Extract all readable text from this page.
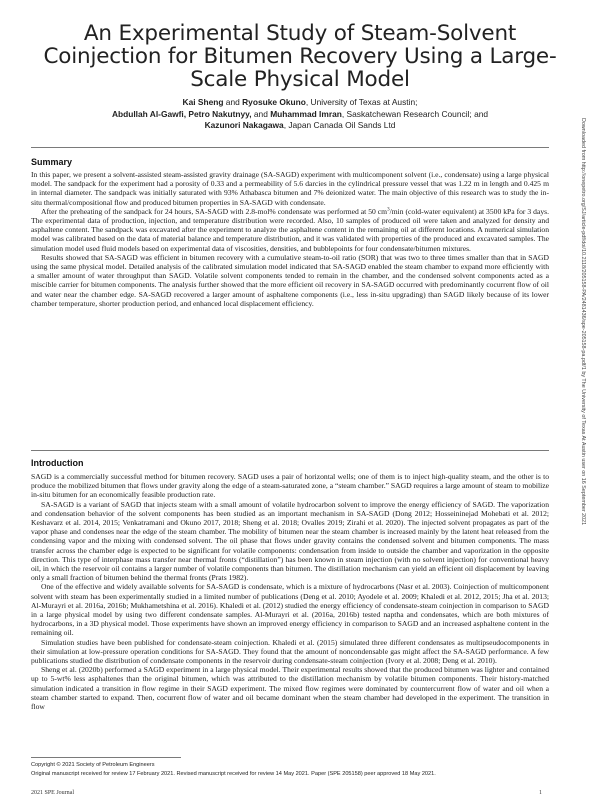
An Experimental Study of Steam-Solvent Coinjection for Bitumen Recovery Using a Large-Scale Physical Model
Kai Sheng and Ryosuke Okuno, University of Texas at Austin;
Abdullah Al-Gawfi, Petro Nakutnyy, and Muhammad Imran, Saskatchewan Research Council; and
Kazunori Nakagawa, Japan Canada Oil Sands Ltd	Downloaded from http://onepetro.org/SJ/article-pdf/doi/10.2118/205158-PA/2481436/spe-205158-pa.pdf/1 by The University of Texas At Austin user on 16 September 2021
Summary

In this paper, we present a solvent-assisted steam-assisted gravity drainage (SA-SAGD) experiment with multicomponent solvent (i.e., condensate) using a large physical model. The sandpack for the experiment had a porosity of 0.33 and a permeability of 5.6 darcies in the cylindrical pressure vessel that was 1.22 m in length and 0.425 m in internal diameter. The sandpack was initially saturated with 93% Athabasca bitumen and 7% deionized water. The main objective of this research was to study the in-situ thermal/compositional flow and produced bitumen properties in SA-SAGD with condensate.

After the preheating of the sandpack for 24 hours, SA-SAGD with 2.8-mol% condensate was performed at 50 $cm^3/\min$ (cold-water equivalent) at 3500 kPa for 3 days. The experimental data of production, injection, and temperature distribution were recorded. Also, 10 samples of produced oil were taken and analyzed for density and asphaltene content. The sandpack was excavated after the experiment to analyze the asphaltene content in the remaining oil at different locations. A numerical simulation model was calibrated based on the data of material balance and temperature distribution, and it was validated with properties of the produced and excavated samples. The simulation model used fluid models based on experimental data of viscosities, densities, and bubblepoints for four condensate/bitumen mixtures.

Results showed that SA-SAGD was efficient in bitumen recovery with a cumulative steam-to-oil ratio (SOR) that was two to three times smaller than that in SAGD using the same physical model. Detailed analysis of the calibrated simulation model indicated that SA-SAGD enabled the steam chamber to expand more efficiently with a smaller amount of water throughput than SAGD. Volatile solvent components tended to remain in the chamber, and the condensed solvent components acted as a miscible carrier for bitumen components. The analysis further showed that the more efficient oil recovery in SA-SAGD occurred with predominantly cocurrent flow of oil and water near the chamber edge. SA-SAGD recovered a larger amount of asphaltene components (i.e., less in-situ upgrading) than SAGD likely because of its lower chamber temperature, shorter production period, and enhanced local displacement efficiency.

Introduction

SAGD is a commercially successful method for bitumen recovery. SAGD uses a pair of horizontal wells; one of them is to inject high-quality steam, and the other is to produce the mobilized bitumen that flows under gravity along the edge of a steam-saturated zone, a “steam chamber.” SAGD requires a large amount of steam to mobilize in-situ bitumen for an economically feasible production rate.

SA-SAGD is a variant of SAGD that injects steam with a small amount of volatile hydrocarbon solvent to improve the energy efficiency of SAGD. The vaporization and condensation behavior of the solvent components has been studied as an important mechanism in SA-SAGD (Dong 2012; Hosseininejad Mohebati et al. 2012; Keshavarz et al. 2014, 2015; Venkatramani and Okuno 2017, 2018; Sheng et al. 2018; Ovalles 2019; Zirahi et al. 2020). The injected solvent propagates as part of the vapor phase and condenses near the edge of the steam chamber. The mobility of bitumen near the steam chamber is increased mainly by the latent heat released from the condensing vapor and the mixing with condensed solvent. The oil phase that flows under gravity contains the condensed solvent and bitumen components. The mass transfer across the chamber edge is expected to be significant for volatile components: condensation from inside to outside the chamber and vaporization in the opposite direction. This type of interphase mass transfer near thermal fronts (“distillation”) has been known in steam injection (with no solvent injection) for conventional heavy oil, in which the reservoir oil contains a larger number of volatile components than bitumen. The distillation mechanism can yield an efficient oil displacement by leaving only a small fraction of bitumen behind the thermal fronts (Prats 1982).

One of the effective and widely available solvents for SA-SAGD is condensate, which is a mixture of hydrocarbons (Nasr et al. 2003). Coinjection of multicomponent solvent with steam has been experimentally studied in a limited number of publications (Deng et al. 2010; Ayodele et al. 2009; Khaledi et al. 2012, 2015; Jha et al. 2013; Al-Murayri et al. 2016a, 2016b; Mukhametshina et al. 2016). Khaledi et al. (2012) studied the energy efficiency of condensate-steam coinjection in comparison to SAGD in a large physical model by using two different condensate samples. Al-Murayri et al. (2016a, 2016b) tested naptha and condensates, which are both mixtures of hydrocarbons, in a 3D physical model. Those experiments have shown an improved energy efficiency in comparison to SAGD and an increased asphaltene content in the remaining oil.

Simulation studies have been published for condensate-steam coinjection. Khaledi et al. (2015) simulated three different condensates as multipseudocomponents in their simulation at low-pressure operation conditions for SA-SAGD. They found that the amount of noncondensable gas might affect the SA-SAGD performance. A few publications studied the distribution of condensate components in the reservoir during condensate-steam coinjection (Ivory et al. 2008; Deng et al. 2010).

Sheng et al. (2020b) performed a SAGD experiment in a large physical model. Their experimental results showed that the produced bitumen was lighter and contained up to 5-wt% less asphaltenes than the original bitumen, which was attributed to the distillation mechanism by volatile bitumen components. Their history-matched simulation indicated a transition in flow regime in their SAGD experiment. The mixed flow regimes were dominated by countercurrent flow of water and oil when a steam chamber started to expand. Then, cocurrent flow of water and oil became dominant when the steam chamber had developed in the experiment. The transition in flow

Copyright © 2021 Society of Petroleum Engineers
Original manuscript received for review 17 February 2021. Revised manuscript received for review 14 May 2021. Paper (SPE 205158) peer approved 18 May 2021.
2021 SPE Journal	1
